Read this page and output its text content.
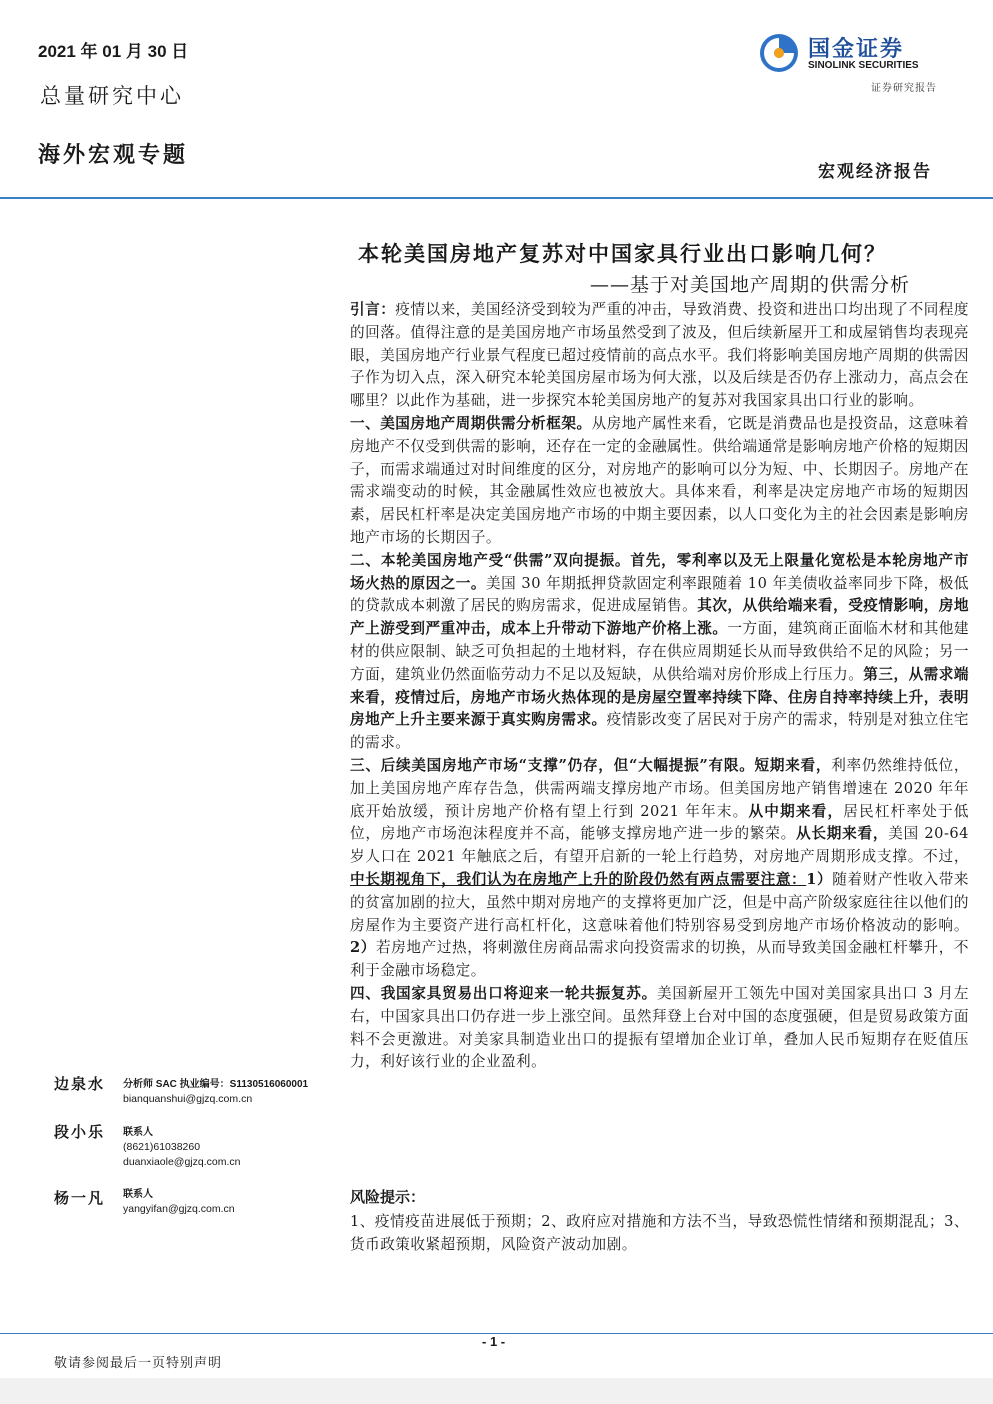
2021 年 01 月 30 日
总量研究中心
海外宏观专题
国金证券
SINOLINK SECURITIES
证券研究报告
宏观经济报告
本轮美国房地产复苏对中国家具行业出口影响几何？
——基于对美国地产周期的供需分析

引言：疫情以来，美国经济受到较为严重的冲击，导致消费、投资和进出口均出现了不同程度的回落。值得注意的是美国房地产市场虽然受到了波及，但后续新屋开工和成屋销售均表现亮眼，美国房地产行业景气程度已超过疫情前的高点水平。我们将影响美国房地产周期的供需因子作为切入点，深入研究本轮美国房屋市场为何大涨，以及后续是否仍存上涨动力，高点会在哪里？以此作为基础，进一步探究本轮美国房地产的复苏对我国家具出口行业的影响。

一、美国房地产周期供需分析框架。从房地产属性来看，它既是消费品也是投资品，这意味着房地产不仅受到供需的影响，还存在一定的金融属性。供给端通常是影响房地产价格的短期因子，而需求端通过对时间维度的区分，对房地产的影响可以分为短、中、长期因子。房地产在需求端变动的时候，其金融属性效应也被放大。具体来看，利率是决定房地产市场的短期因素，居民杠杆率是决定美国房地产市场的中期主要因素，以人口变化为主的社会因素是影响房地产市场的长期因子。

二、本轮美国房地产受“供需”双向提振。首先，零利率以及无上限量化宽松是本轮房地产市场火热的原因之一。美国 30 年期抵押贷款固定利率跟随着 10 年美债收益率同步下降，极低的贷款成本刺激了居民的购房需求，促进成屋销售。其次，从供给端来看，受疫情影响，房地产上游受到严重冲击，成本上升带动下游地产价格上涨。一方面，建筑商正面临木材和其他建材的供应限制、缺乏可负担起的土地材料，存在供应周期延长从而导致供给不足的风险；另一方面，建筑业仍然面临劳动力不足以及短缺，从供给端对房价形成上行压力。第三，从需求端来看，疫情过后，房地产市场火热体现的是房屋空置率持续下降、住房自持率持续上升，表明房地产上升主要来源于真实购房需求。疫情影改变了居民对于房产的需求，特别是对独立住宅的需求。

三、后续美国房地产市场“支撑”仍存，但“大幅提振”有限。短期来看，利率仍然维持低位，加上美国房地产库存告急，供需两端支撑房地产市场。但美国房地产销售增速在 2020 年年底开始放缓，预计房地产价格有望上行到 2021 年年末。从中期来看，居民杠杆率处于低位，房地产市场泡沫程度并不高，能够支撑房地产进一步的繁荣。从长期来看，美国 20-64 岁人口在 2021 年触底之后，有望开启新的一轮上行趋势，对房地产周期形成支撑。不过，中长期视角下，我们认为在房地产上升的阶段仍然有两点需要注意：1）随着财产性收入带来的贫富加剧的拉大，虽然中期对房地产的支撑将更加广泛，但是中高产阶级家庭往往以他们的房屋作为主要资产进行高杠杆化，这意味着他们特别容易受到房地产市场价格波动的影响。2）若房地产过热，将刺激住房商品需求向投资需求的切换，从而导致美国金融杠杆攀升，不利于金融市场稳定。

四、我国家具贸易出口将迎来一轮共振复苏。美国新屋开工领先中国对美国家具出口 3 月左右，中国家具出口仍存进一步上涨空间。虽然拜登上台对中国的态度强硬，但是贸易政策方面料不会更激进。对美家具制造业出口的提振有望增加企业订单，叠加人民币短期存在贬值压力，利好该行业的企业盈利。

边泉水 分析师 SAC 执业编号：S1130516060001
bianquanshui@gjzq.com.cn
段小乐 联系人
(8621)61038260
duanxiaole@gjzq.com.cn
杨一凡 联系人
yangyifan@gjzq.com.cn
风险提示：
1、疫情疫苗进展低于预期；2、政府应对措施和方法不当，导致恐慌性情绪和预期混乱；3、货币政策收紧超预期，风险资产波动加剧。
- 1 -
敬请参阅最后一页特别声明
